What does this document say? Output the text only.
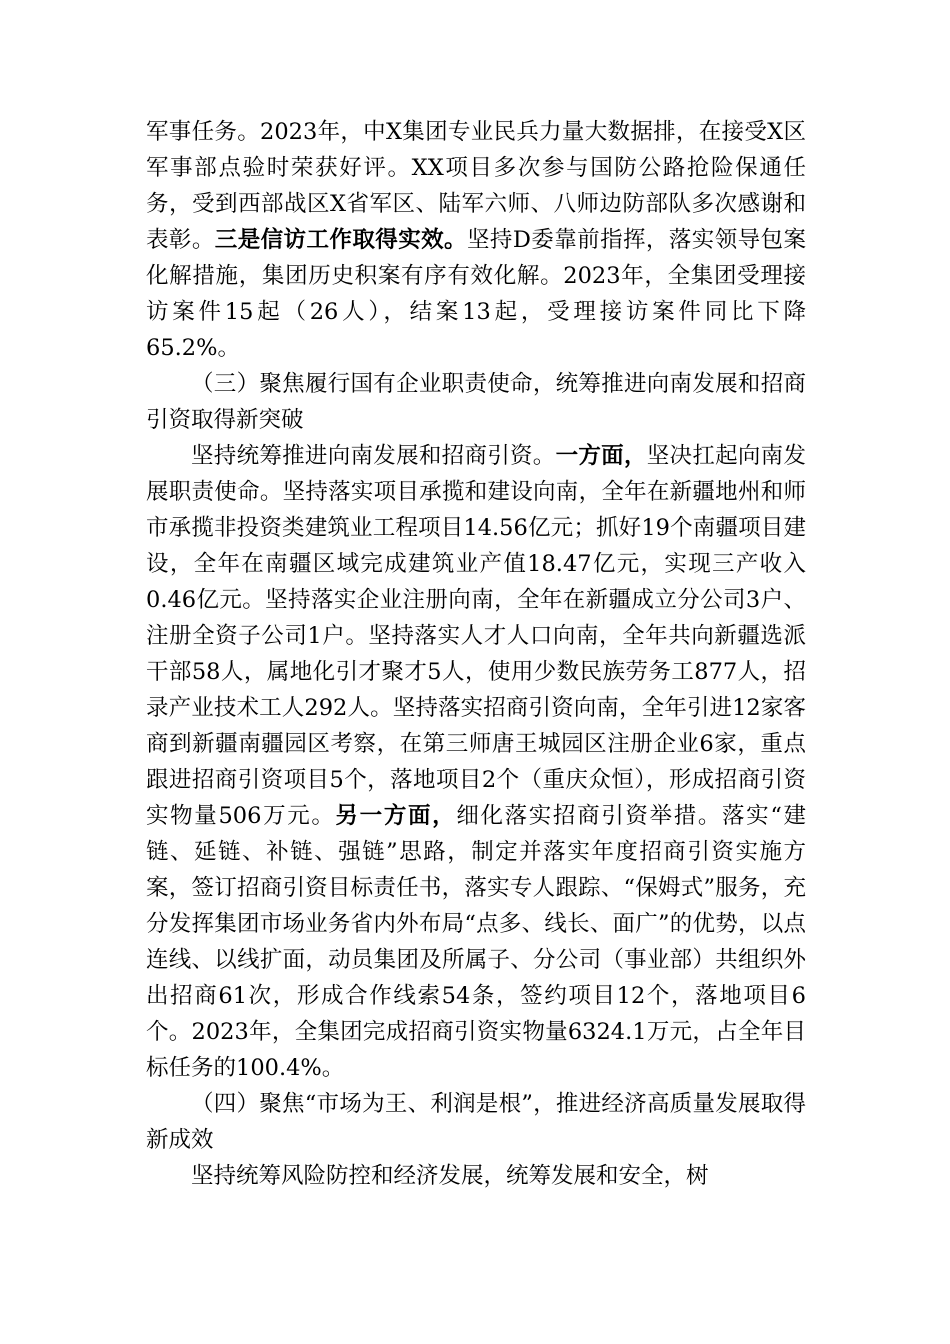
军事任务。2023年，中X集团专业民兵力量大数据排，在接受X区军事部点验时荣获好评。XX项目多次参与国防公路抢险保通任务，受到西部战区X省军区、陆军六师、八师边防部队多次感谢和表彰。三是信访工作取得实效。坚持D委靠前指挥，落实领导包案化解措施，集团历史积案有序有效化解。2023年，全集团受理接访案件15起（26人），结案13起，受理接访案件同比下降65.2%。

（三）聚焦履行国有企业职责使命，统筹推进向南发展和招商引资取得新突破

坚持统筹推进向南发展和招商引资。一方面，坚决扛起向南发展职责使命。坚持落实项目承揽和建设向南，全年在新疆地州和师市承揽非投资类建筑业工程项目14.56亿元；抓好19个南疆项目建设，全年在南疆区域完成建筑业产值18.47亿元，实现三产收入0.46亿元。坚持落实企业注册向南，全年在新疆成立分公司3户、注册全资子公司1户。坚持落实人才人口向南，全年共向新疆选派干部58人，属地化引才聚才5人，使用少数民族劳务工877人，招录产业技术工人292人。坚持落实招商引资向南，全年引进12家客商到新疆南疆园区考察，在第三师唐王城园区注册企业6家，重点跟进招商引资项目5个，落地项目2个（重庆众恒），形成招商引资实物量506万元。另一方面，细化落实招商引资举措。落实“建链、延链、补链、强链”思路，制定并落实年度招商引资实施方案，签订招商引资目标责任书，落实专人跟踪、“保姆式”服务，充分发挥集团市场业务省内外布局“点多、线长、面广”的优势，以点连线、以线扩面，动员集团及所属子、分公司（事业部）共组织外出招商61次，形成合作线索54条，签约项目12个，落地项目6个。2023年，全集团完成招商引资实物量6324.1万元，占全年目标任务的100.4%。

（四）聚焦“市场为王、利润是根”，推进经济高质量发展取得新成效

坚持统筹风险防控和经济发展，统筹发展和安全，树
